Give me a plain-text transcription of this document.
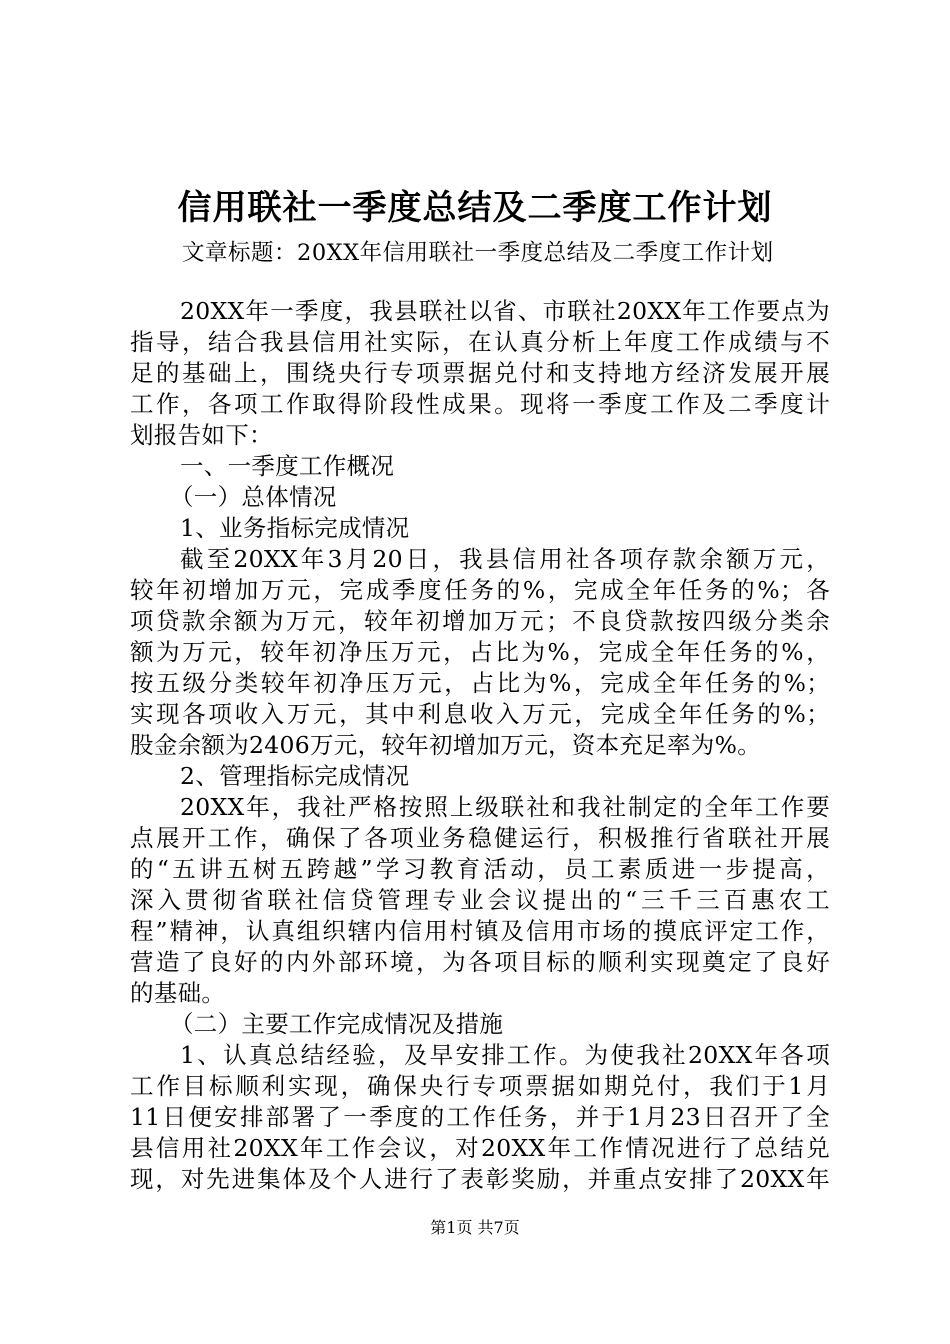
信用联社一季度总结及二季度工作计划
文章标题：20XX年信用联社一季度总结及二季度工作计划
20XX年一季度，我县联社以省、市联社20XX年工作要点为
指导，结合我县信用社实际，在认真分析上年度工作成绩与不
足的基础上，围绕央行专项票据兑付和支持地方经济发展开展
工作，各项工作取得阶段性成果。现将一季度工作及二季度计
划报告如下：
一、一季度工作概况
（一）总体情况
1、业务指标完成情况
截至20XX年3月20日，我县信用社各项存款余额万元，
较年初增加万元，完成季度任务的%，完成全年任务的%；各
项贷款余额为万元，较年初增加万元；不良贷款按四级分类余
额为万元，较年初净压万元，占比为%，完成全年任务的%，
按五级分类较年初净压万元，占比为%，完成全年任务的%；
实现各项收入万元，其中利息收入万元，完成全年任务的%；
股金余额为2406万元，较年初增加万元，资本充足率为%。
2、管理指标完成情况
20XX年，我社严格按照上级联社和我社制定的全年工作要
点展开工作，确保了各项业务稳健运行，积极推行省联社开展
的“五讲五树五跨越”学习教育活动，员工素质进一步提高，
深入贯彻省联社信贷管理专业会议提出的“三千三百惠农工
程”精神，认真组织辖内信用村镇及信用市场的摸底评定工作，
营造了良好的内外部环境，为各项目标的顺利实现奠定了良好
的基础。
（二）主要工作完成情况及措施
1、认真总结经验，及早安排工作。为使我社20XX年各项
工作目标顺利实现，确保央行专项票据如期兑付，我们于1月
11日便安排部署了一季度的工作任务，并于1月23日召开了全
县信用社20XX年工作会议，对20XX年工作情况进行了总结兑
现，对先进集体及个人进行了表彰奖励，并重点安排了20XX年
第1页 共7页
